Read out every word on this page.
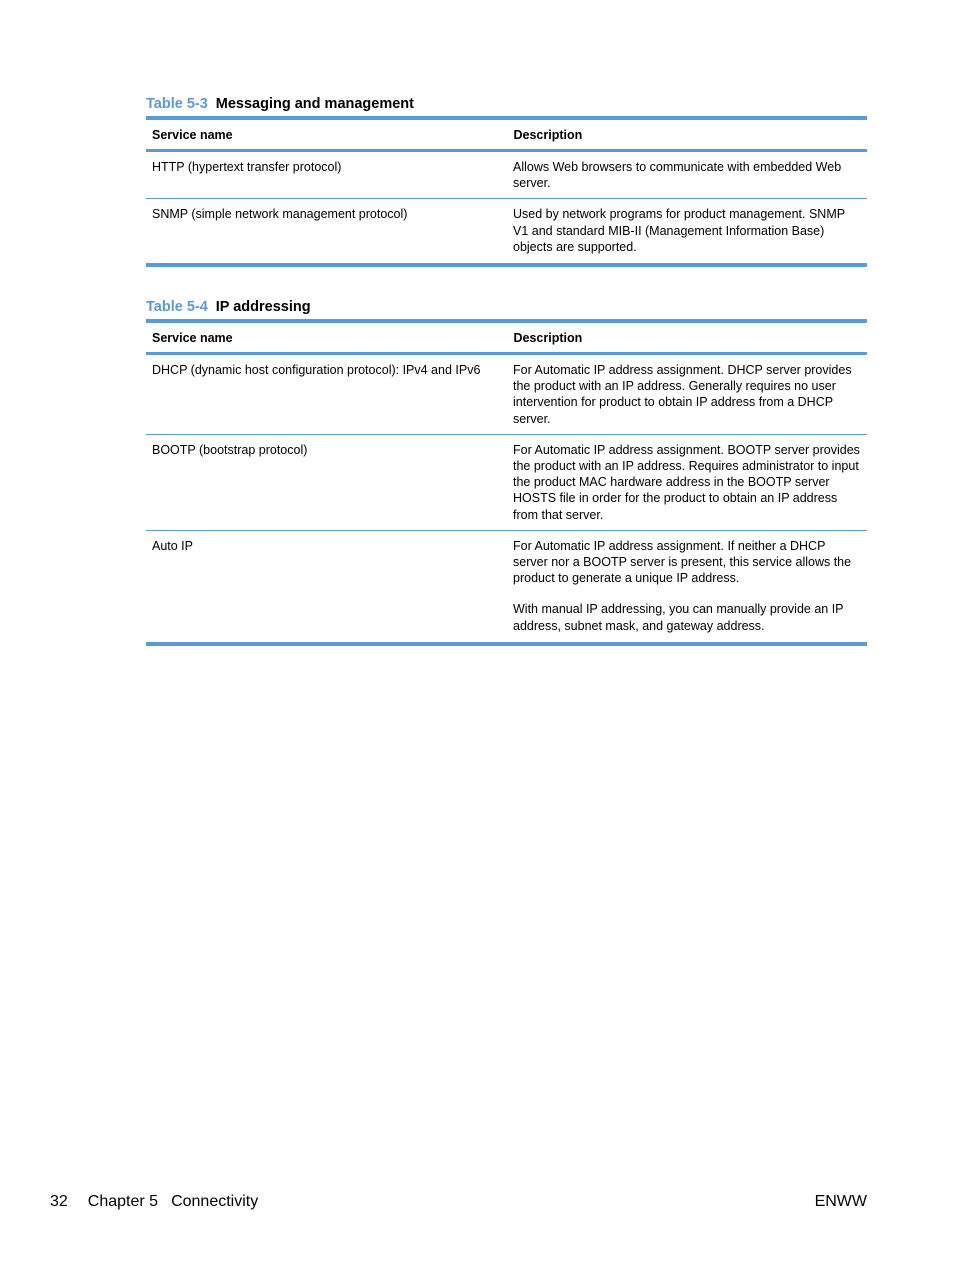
Table 5-3 Messaging and management
Service name	Description
HTTP (hypertext transfer protocol)	Allows Web browsers to communicate with embedded Web server.
SNMP (simple network management protocol)	Used by network programs for product management. SNMP V1 and standard MIB-II (Management Information Base) objects are supported.
Table 5-4 IP addressing
Service name	Description
DHCP (dynamic host configuration protocol): IPv4 and IPv6	For Automatic IP address assignment. DHCP server provides the product with an IP address. Generally requires no user intervention for product to obtain IP address from a DHCP server.
BOOTP (bootstrap protocol)	For Automatic IP address assignment. BOOTP server provides the product with an IP address. Requires administrator to input the product MAC hardware address in the BOOTP server HOSTS file in order for the product to obtain an IP address from that server.
Auto IP	For Automatic IP address assignment. If neither a DHCP server nor a BOOTP server is present, this service allows the product to generate a unique IP address.
With manual IP addressing, you can manually provide an IP address, subnet mask, and gateway address.
32 Chapter 5 Connectivity	ENWW
